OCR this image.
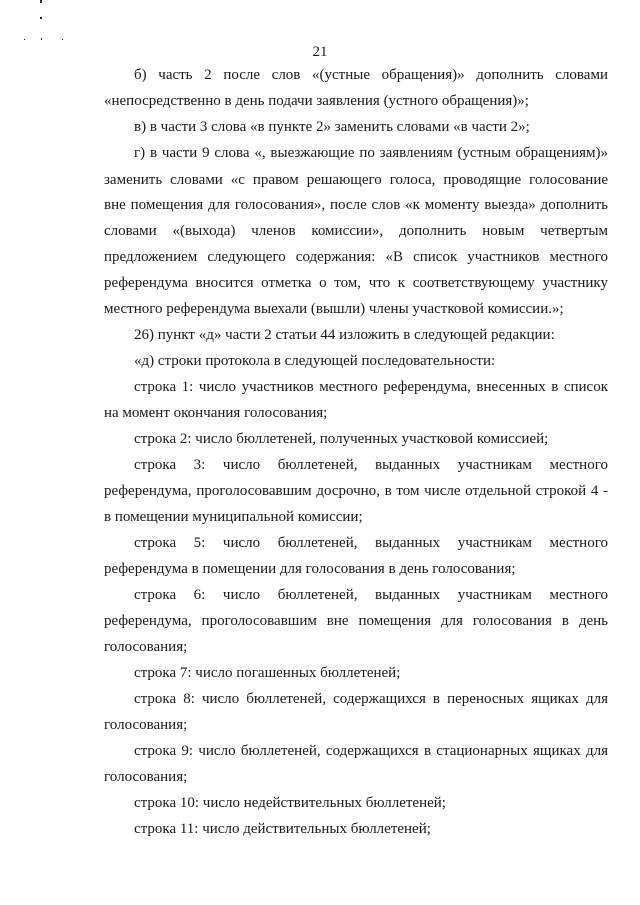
21
б) часть 2 после слов «(устные обращения)» дополнить словами
«непосредственно в день подачи заявления (устного обращения)»;
в) в части 3 слова «в пункте 2» заменить словами «в части 2»;
г) в части 9 слова «, выезжающие по заявлениям (устным обращениям)»
заменить словами «с правом решающего голоса, проводящие голосование
вне помещения для голосования», после слов «к моменту выезда» дополнить
словами «(выхода) членов комиссии», дополнить новым четвертым
предложением следующего содержания: «В список участников местного
референдума вносится отметка о том, что к соответствующему участнику
местного референдума выехали (вышли) члены участковой комиссии.»;
26) пункт «д» части 2 статьи 44 изложить в следующей редакции:
«д) строки протокола в следующей последовательности:
строка 1: число участников местного референдума, внесенных в список
на момент окончания голосования;
строка 2: число бюллетеней, полученных участковой комиссией;
строка 3: число бюллетеней, выданных участникам местного
референдума, проголосовавшим досрочно, в том числе отдельной строкой 4 -
в помещении муниципальной комиссии;
строка 5: число бюллетеней, выданных участникам местного
референдума в помещении для голосования в день голосования;
строка 6: число бюллетеней, выданных участникам местного
референдума, проголосовавшим вне помещения для голосования в день
голосования;
строка 7: число погашенных бюллетеней;
строка 8: число бюллетеней, содержащихся в переносных ящиках для
голосования;
строка 9: число бюллетеней, содержащихся в стационарных ящиках для
голосования;
строка 10: число недействительных бюллетеней;
строка 11: число действительных бюллетеней;
